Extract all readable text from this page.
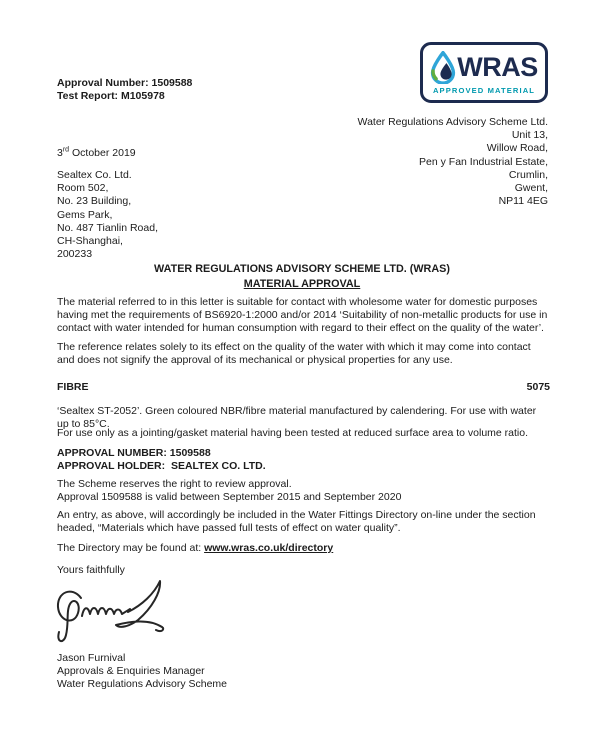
Approval Number: 1509588
Test Report: M105978
WRAS
APPROVED MATERIAL
Water Regulations Advisory Scheme Ltd.
Unit 13,
Willow Road,
Pen y Fan Industrial Estate,
Crumlin,
Gwent,
NP11 4EG
3rd October 2019
Sealtex Co. Ltd.
Room 502,
No. 23 Building,
Gems Park,
No. 487 Tianlin Road,
CH-Shanghai,
200233
WATER REGULATIONS ADVISORY SCHEME LTD. (WRAS)
MATERIAL APPROVAL

The material referred to in this letter is suitable for contact with wholesome water for domestic purposes having met the requirements of BS6920-1:2000 and/or 2014 ‘Suitability of non-metallic products for use in contact with water intended for human consumption with regard to their effect on the quality of the water’.

The reference relates solely to its effect on the quality of the water with which it may come into contact and does not signify the approval of its mechanical or physical properties for any use.

FIBRE	5075

‘Sealtex ST-2052’. Green coloured NBR/fibre material manufactured by calendering. For use with water up to 85°C.

For use only as a jointing/gasket material having been tested at reduced surface area to volume ratio.

APPROVAL NUMBER: 1509588
APPROVAL HOLDER:  SEALTEX CO. LTD.
The Scheme reserves the right to review approval.
Approval 1509588 is valid between September 2015 and September 2020

An entry, as above, will accordingly be included in the Water Fittings Directory on-line under the section headed, “Materials which have passed full tests of effect on water quality”.

The Directory may be found at: www.wras.co.uk/directory
Yours faithfully
Jason Furnival
Approvals & Enquiries Manager
Water Regulations Advisory Scheme
